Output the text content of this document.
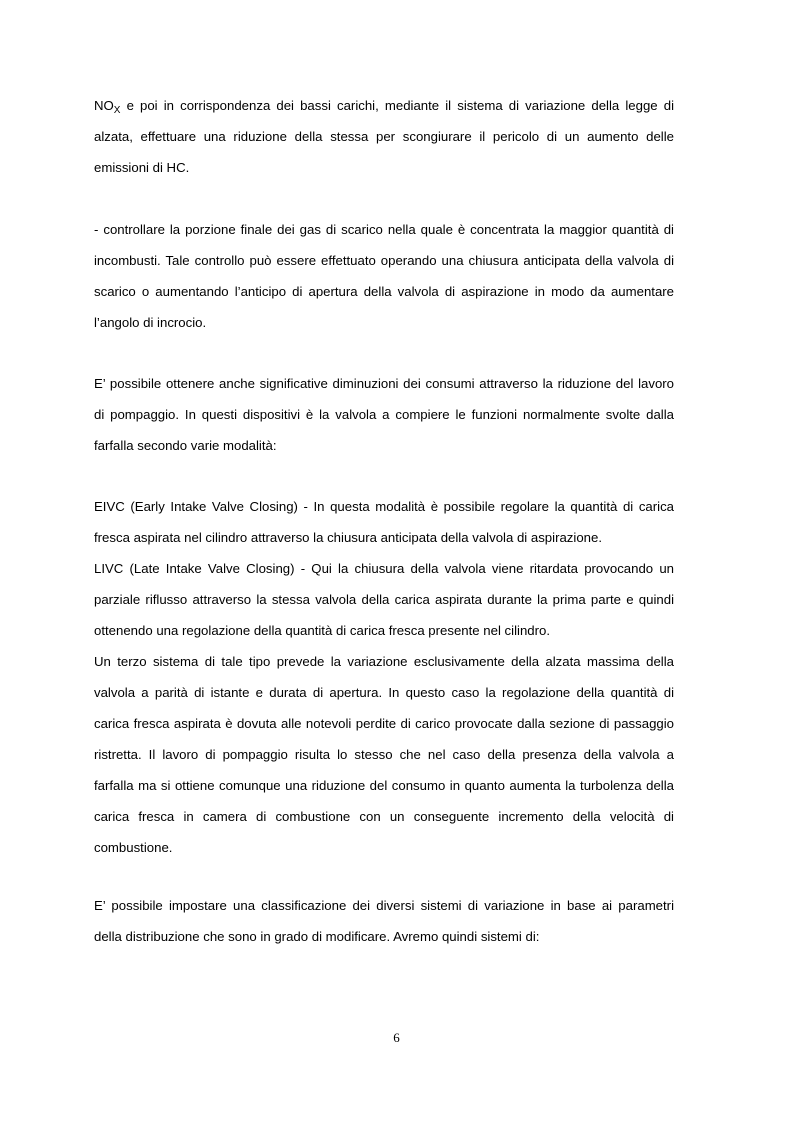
$NO_X$ e poi in corrispondenza dei bassi carichi, mediante il sistema di variazione della legge di
alzata, effettuare una riduzione della stessa per scongiurare il pericolo di un aumento delle
emissioni di HC.
- controllare la porzione finale dei gas di scarico nella quale è concentrata la maggior quantità di
incombusti. Tale controllo può essere effettuato operando una chiusura anticipata della valvola di
scarico o aumentando l’anticipo di apertura della valvola di aspirazione in modo da aumentare
l’angolo di incrocio.
E’ possibile ottenere anche significative diminuzioni dei consumi attraverso la riduzione del lavoro
di pompaggio. In questi dispositivi è la valvola a compiere le funzioni normalmente svolte dalla
farfalla secondo varie modalità:
EIVC (Early Intake Valve Closing) - In questa modalità è possibile regolare la quantità di carica
fresca aspirata nel cilindro attraverso la chiusura anticipata della valvola di aspirazione.
LIVC (Late Intake Valve Closing) - Qui la chiusura della valvola viene ritardata provocando un
parziale riflusso attraverso la stessa valvola della carica aspirata durante la prima parte e quindi
ottenendo una regolazione della quantità di carica fresca presente nel cilindro.
Un terzo sistema di tale tipo prevede la variazione esclusivamente della alzata massima della
valvola a parità di istante e durata di apertura. In questo caso la regolazione della quantità di
carica fresca aspirata è dovuta alle notevoli perdite di carico provocate dalla sezione di passaggio
ristretta. Il lavoro di pompaggio risulta lo stesso che nel caso della presenza della valvola a
farfalla ma si ottiene comunque una riduzione del consumo in quanto aumenta la turbolenza della
carica fresca in camera di combustione con un conseguente incremento della velocità di
combustione.
E’ possibile impostare una classificazione dei diversi sistemi di variazione in base ai parametri
della distribuzione che sono in grado di modificare. Avremo quindi sistemi di:
6
